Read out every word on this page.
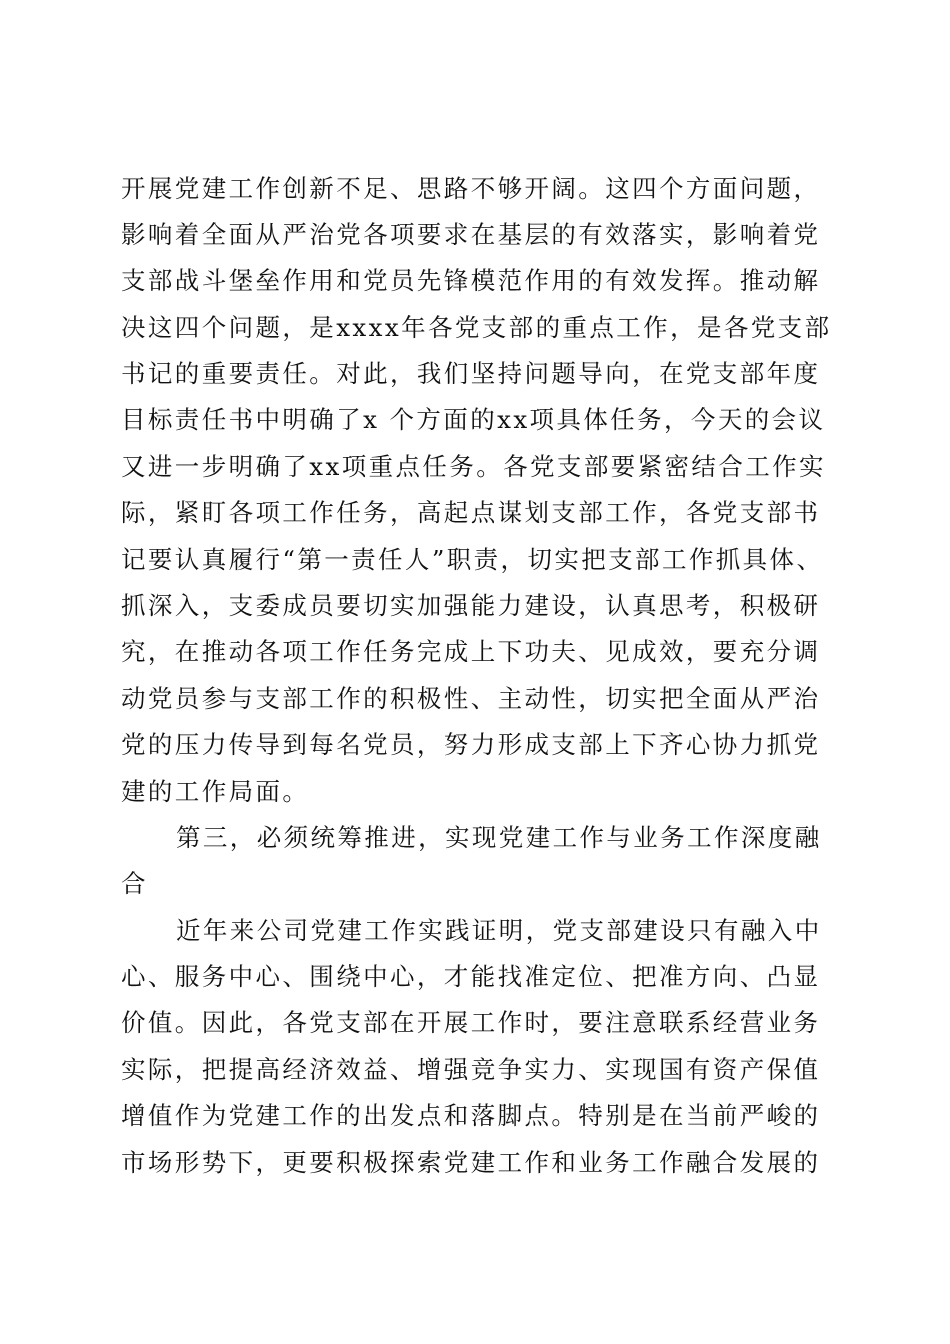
开展党建工作创新不足、思路不够开阔。这四个方面问题，
影响着全面从严治党各项要求在基层的有效落实，影响着党
支部战斗堡垒作用和党员先锋模范作用的有效发挥。推动解
决这四个问题，是xxxx年各党支部的重点工作，是各党支部
书记的重要责任。对此，我们坚持问题导向，在党支部年度
目标责任书中明确了x 个方面的xx项具体任务，今天的会议
又进一步明确了xx项重点任务。各党支部要紧密结合工作实
际，紧盯各项工作任务，高起点谋划支部工作，各党支部书
记要认真履行“第一责任人”职责，切实把支部工作抓具体、
抓深入，支委成员要切实加强能力建设，认真思考，积极研
究，在推动各项工作任务完成上下功夫、见成效，要充分调
动党员参与支部工作的积极性、主动性，切实把全面从严治
党的压力传导到每名党员，努力形成支部上下齐心协力抓党
建的工作局面。
第三，必须统筹推进，实现党建工作与业务工作深度融
合
近年来公司党建工作实践证明，党支部建设只有融入中
心、服务中心、围绕中心，才能找准定位、把准方向、凸显
价值。因此，各党支部在开展工作时，要注意联系经营业务
实际，把提高经济效益、增强竞争实力、实现国有资产保值
增值作为党建工作的出发点和落脚点。特别是在当前严峻的
市场形势下，更要积极探索党建工作和业务工作融合发展的
